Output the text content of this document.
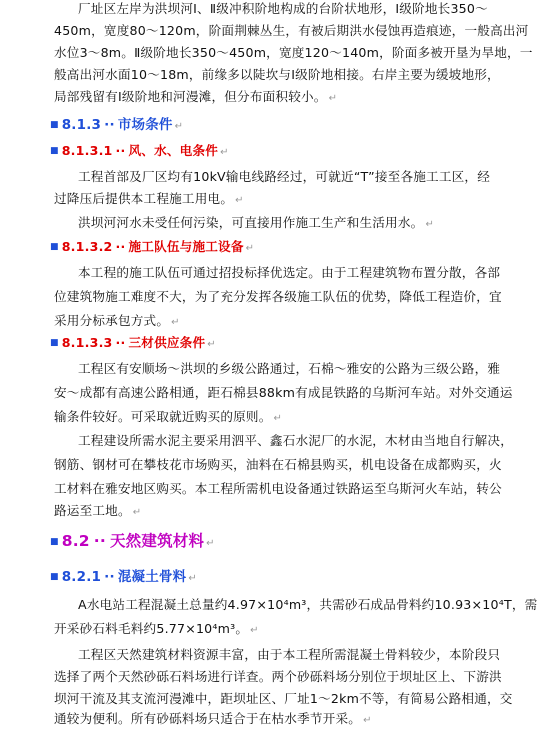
厂址区左岸为洪坝河Ⅰ、Ⅱ级冲积阶地构成的台阶状地形，Ⅰ级阶地长350～
450m，宽度80～120m，阶面荆棘丛生，有被后期洪水侵蚀再造痕迹，一般高出河
水位3～8m。Ⅱ级阶地长350～450m，宽度120～140m，阶面多被开垦为旱地，一
般高出河水面10～18m，前缘多以陡坎与Ⅰ级阶地相接。右岸主要为缓坡地形，
局部残留有Ⅰ级阶地和河漫滩，但分布面积较小。 ↵
■ 8.1.3 ·· 市场条件 ↵
■ 8.1.3.1 ·· 风、水、电条件 ↵
工程首部及厂区均有10kV输电线路经过，可就近“T”接至各施工工区，经
过降压后提供本工程施工用电。 ↵
洪坝河河水未受任何污染，可直接用作施工生产和生活用水。 ↵
■ 8.1.3.2 ·· 施工队伍与施工设备 ↵
本工程的施工队伍可通过招投标择优选定。由于工程建筑物布置分散，各部
位建筑物施工难度不大，为了充分发挥各级施工队伍的优势，降低工程造价，宜
采用分标承包方式。 ↵
■ 8.1.3.3 ·· 三材供应条件 ↵
工程区有安顺场～洪坝的乡级公路通过，石棉～雅安的公路为三级公路，雅
安～成都有高速公路相通，距石棉县88km有成昆铁路的乌斯河车站。对外交通运
输条件较好。可采取就近购买的原则。 ↵
工程建设所需水泥主要采用泗平、鑫石水泥厂的水泥，木材由当地自行解决，
钢筋、钢材可在攀枝花市场购买，油料在石棉县购买，机电设备在成都购买，火
工材料在雅安地区购买。本工程所需机电设备通过铁路运至乌斯河火车站，转公
路运至工地。 ↵
■ 8.2 ·· 天然建筑材料 ↵
■ 8.2.1 ·· 混凝土骨料 ↵
A水电站工程混凝土总量约4.97×10⁴m³，共需砂石成品骨料约10.93×10⁴T，需
开采砂石料毛料约5.77×10⁴m³。 ↵
工程区天然建筑材料资源丰富，由于本工程所需混凝土骨料较少，本阶段只
选择了两个天然砂砾石料场进行详查。两个砂砾料场分别位于坝址区上、下游洪
坝河干流及其支流河漫滩中，距坝址区、厂址1～2km不等，有简易公路相通，交
通较为便利。所有砂砾料场只适合于在枯水季节开采。 ↵
